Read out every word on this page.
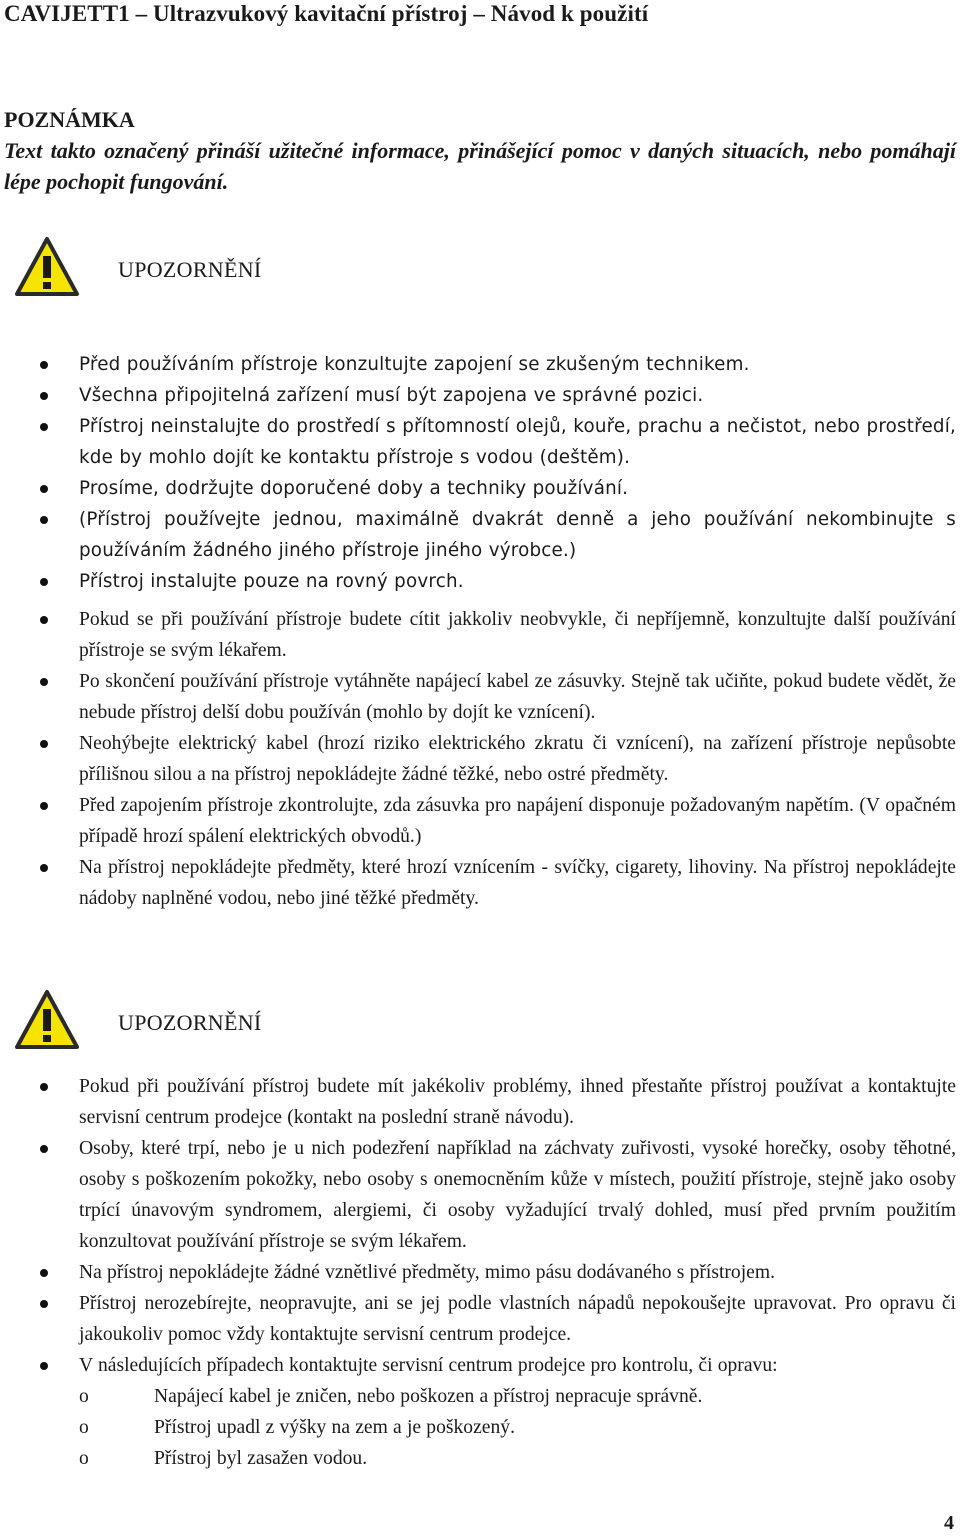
CAVIJETT1 – Ultrazvukový kavitační přístroj – Návod k použití
POZNÁMKA
Text takto označený přináší užitečné informace, přinášející pomoc v daných situacích, nebo pomáhají lépe pochopit fungování.
UPOZORNĚNÍ
Před používáním přístroje konzultujte zapojení se zkušeným technikem.
Všechna připojitelná zařízení musí být zapojena ve správné pozici.
Přístroj neinstalujte do prostředí s přítomností olejů, kouře, prachu a nečistot, nebo prostředí, kde by mohlo dojít ke kontaktu přístroje s vodou (deštěm).
Prosíme, dodržujte doporučené doby a techniky používání.
(Přístroj používejte jednou, maximálně dvakrát denně a jeho používání nekombinujte s používáním žádného jiného přístroje jiného výrobce.)
Přístroj instalujte pouze na rovný povrch.
Pokud se při používání přístroje budete cítit jakkoliv neobvykle, či nepříjemně, konzultujte další používání přístroje se svým lékařem.
Po skončení používání přístroje vytáhněte napájecí kabel ze zásuvky. Stejně tak učiňte, pokud budete vědět, že nebude přístroj delší dobu používán (mohlo by dojít ke vznícení).
Neohýbejte elektrický kabel (hrozí riziko elektrického zkratu či vznícení), na zařízení přístroje nepůsobte přílišnou silou a na přístroj nepokládejte žádné těžké, nebo ostré předměty.
Před zapojením přístroje zkontrolujte, zda zásuvka pro napájení disponuje požadovaným napětím. (V opačném případě hrozí spálení elektrických obvodů.)
Na přístroj nepokládejte předměty, které hrozí vznícením - svíčky, cigarety, lihoviny. Na přístroj nepokládejte nádoby naplněné vodou, nebo jiné těžké předměty.
UPOZORNĚNÍ
Pokud při používání přístroj budete mít jakékoliv problémy, ihned přestaňte přístroj používat a kontaktujte servisní centrum prodejce (kontakt na poslední straně návodu).
Osoby, které trpí, nebo je u nich podezření například na záchvaty zuřivosti, vysoké horečky, osoby těhotné, osoby s poškozením pokožky, nebo osoby s onemocněním kůže v místech, použití přístroje, stejně jako osoby trpící únavovým syndromem, alergiemi, či osoby vyžadující trvalý dohled, musí před prvním použitím konzultovat používání přístroje se svým lékařem.
Na přístroj nepokládejte žádné vznětlivé předměty, mimo pásu dodávaného s přístrojem.
Přístroj nerozebírejte, neopravujte, ani se jej podle vlastních nápadů nepokoušejte upravovat. Pro opravu či jakoukoliv pomoc vždy kontaktujte servisní centrum prodejce.
V následujících případech kontaktujte servisní centrum prodejce pro kontrolu, či opravu:
o	Napájecí kabel je zničen, nebo poškozen a přístroj nepracuje správně.
o	Přístroj upadl z výšky na zem a je poškozený.
o	Přístroj byl zasažen vodou.
4
